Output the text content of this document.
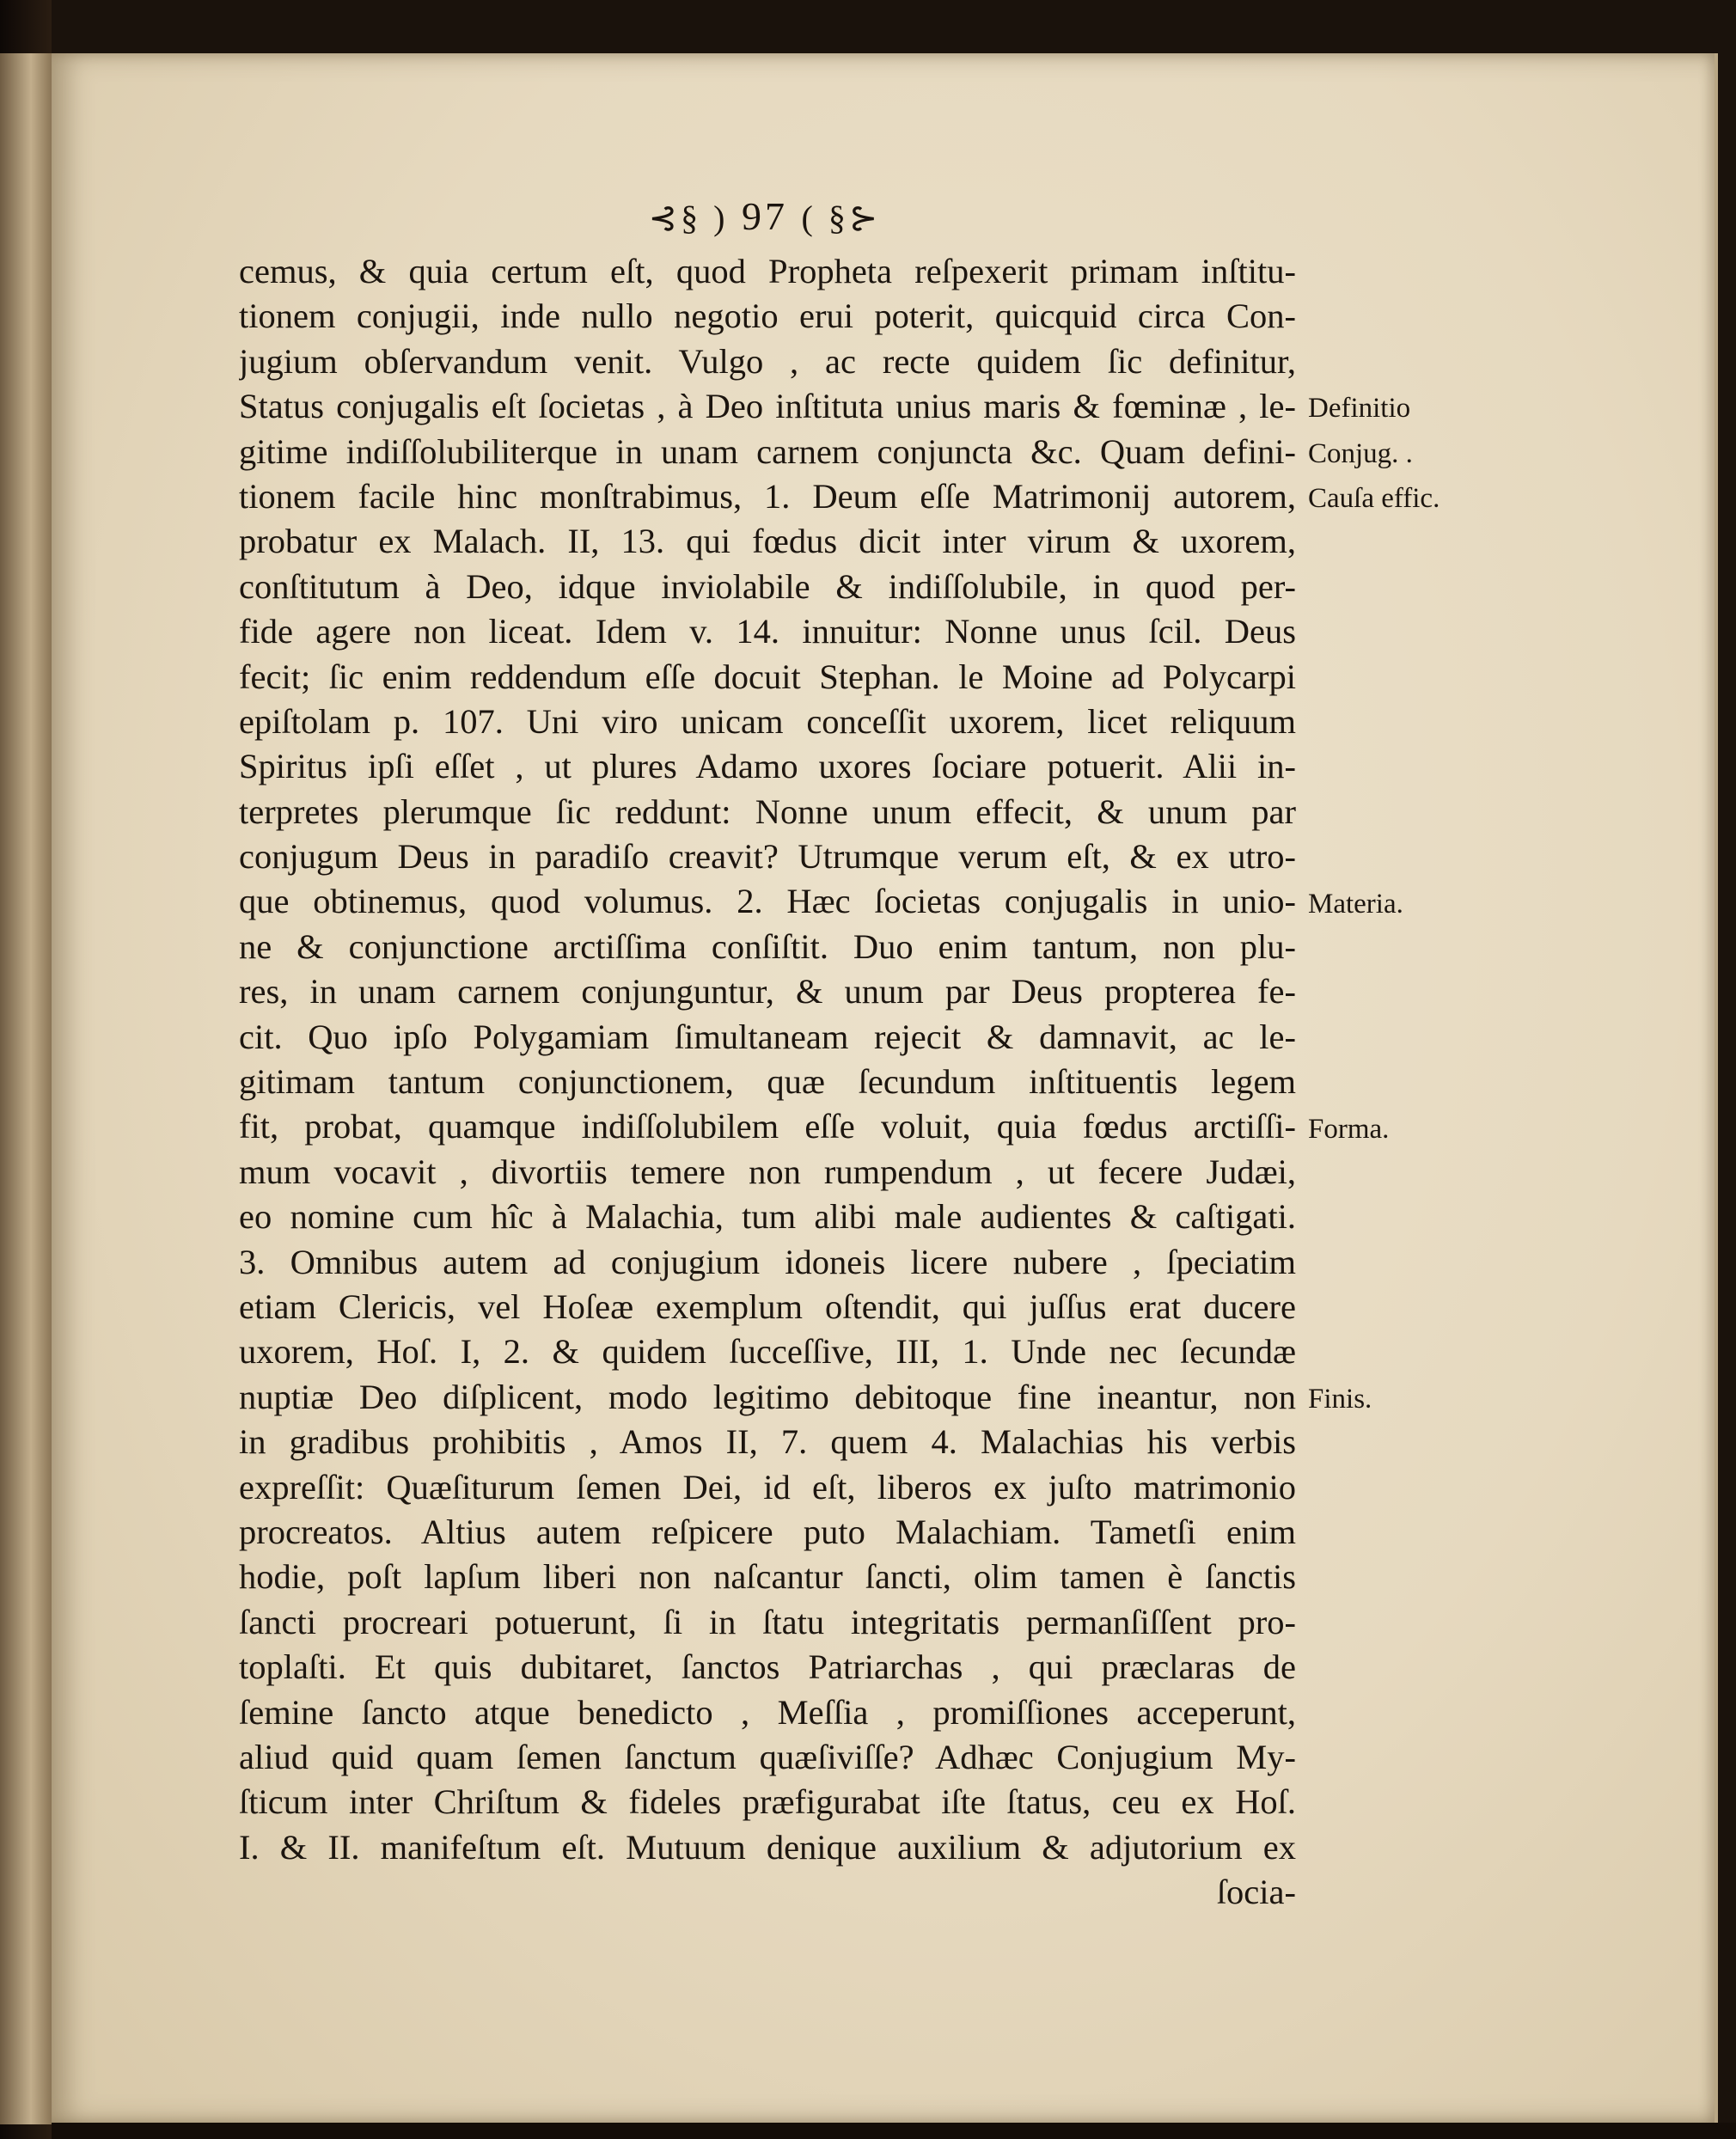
⊰§ ) 97 ( §⊱
cemus, & quia certum eſt, quod Propheta reſpexerit primam inſtitu-
tionem conjugii, inde nullo negotio erui poterit, quicquid circa Con-
jugium obſervandum venit. Vulgo , ac recte quidem ſic definitur,
Status conjugalis eſt ſocietas , à Deo inſtituta unius maris & fœminæ , le-
gitime indiſſolubiliterque in unam carnem conjuncta &c. Quam defini-
tionem facile hinc monſtrabimus, 1. Deum eſſe Matrimonij autorem,
probatur ex Malach. II, 13. qui fœdus dicit inter virum & uxorem,
conſtitutum à Deo, idque inviolabile & indiſſolubile, in quod per-
fide agere non liceat. Idem v. 14. innuitur: Nonne unus ſcil. Deus
fecit; ſic enim reddendum eſſe docuit Stephan. le Moine ad Polycarpi
epiſtolam p. 107. Uni viro unicam conceſſit uxorem, licet reliquum
Spiritus ipſi eſſet , ut plures Adamo uxores ſociare potuerit. Alii in-
terpretes plerumque ſic reddunt: Nonne unum effecit, & unum par
conjugum Deus in paradiſo creavit? Utrumque verum eſt, & ex utro-
que obtinemus, quod volumus. 2. Hæc ſocietas conjugalis in unio-
ne & conjunctione arctiſſima conſiſtit. Duo enim tantum, non plu-
res, in unam carnem conjunguntur, & unum par Deus propterea fe-
cit. Quo ipſo Polygamiam ſimultaneam rejecit & damnavit, ac le-
gitimam tantum conjunctionem, quæ ſecundum inſtituentis legem
fit, probat, quamque indiſſolubilem eſſe voluit, quia fœdus arctiſſi-
mum vocavit , divortiis temere non rumpendum , ut fecere Judæi,
eo nomine cum hîc à Malachia, tum alibi male audientes & caſtigati.
3. Omnibus autem ad conjugium idoneis licere nubere , ſpeciatim
etiam Clericis, vel Hoſeæ exemplum oſtendit, qui juſſus erat ducere
uxorem, Hoſ. I, 2. & quidem ſucceſſive, III, 1. Unde nec ſecundæ
nuptiæ Deo diſplicent, modo legitimo debitoque fine ineantur, non
in gradibus prohibitis , Amos II, 7. quem 4. Malachias his verbis
expreſſit: Quæſiturum ſemen Dei, id eſt, liberos ex juſto matrimonio
procreatos. Altius autem reſpicere puto Malachiam. Tametſi enim
hodie, poſt lapſum liberi non naſcantur ſancti, olim tamen è ſanctis
ſancti procreari potuerunt, ſi in ſtatu integritatis permanſiſſent pro-
toplaſti. Et quis dubitaret, ſanctos Patriarchas , qui præclaras de
ſemine ſancto atque benedicto , Meſſia , promiſſiones acceperunt,
aliud quid quam ſemen ſanctum quæſiviſſe? Adhæc Conjugium My-
ſticum inter Chriſtum & fideles præfigurabat iſte ſtatus, ceu ex Hoſ.
I. & II. manifeſtum eſt. Mutuum denique auxilium & adjutorium ex
ſocia-
Definitio
Conjug. .
Cauſa effic.
Materia.
Forma.
Finis.
